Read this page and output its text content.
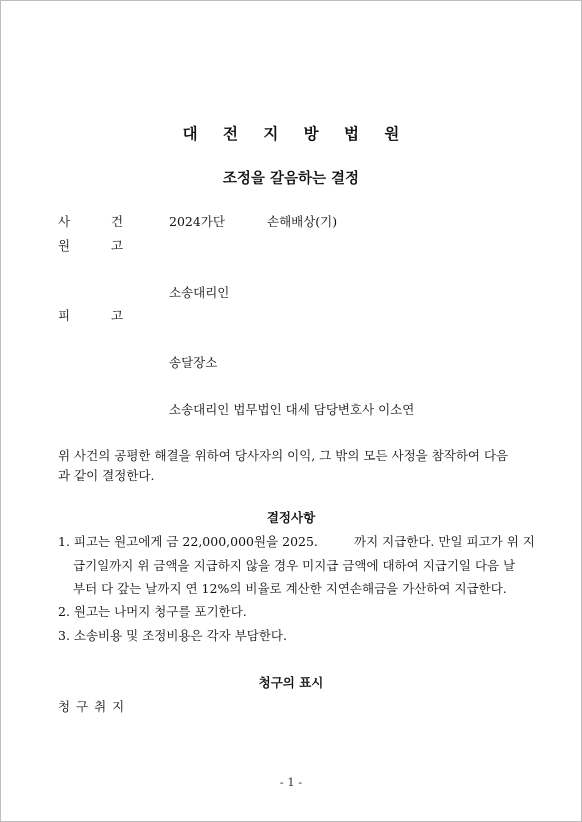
대 전 지 방 법 원
조정을 갈음하는 결정
사	건	2024가단	손해배상(기)
원	고
소송대리인
피	고
송달장소
소송대리인 법무법인 대세 담당변호사 이소연
위 사건의 공평한 해결을 위하여 당사자의 이익, 그 밖의 모든 사정을 참작하여 다음
과 같이 결정한다.
결정사항
1. 피고는 원고에게 금 22,000,000원을 2025.	까지 지급한다. 만일 피고가 위 지
급기일까지 위 금액을 지급하지 않을 경우 미지급 금액에 대하여 지급기일 다음 날
부터 다 갚는 날까지 연 12%의 비율로 계산한 지연손해금을 가산하여 지급한다.
2. 원고는 나머지 청구를 포기한다.
3. 소송비용 및 조정비용은 각자 부담한다.
청구의 표시
청 구 취 지
- 1 -
